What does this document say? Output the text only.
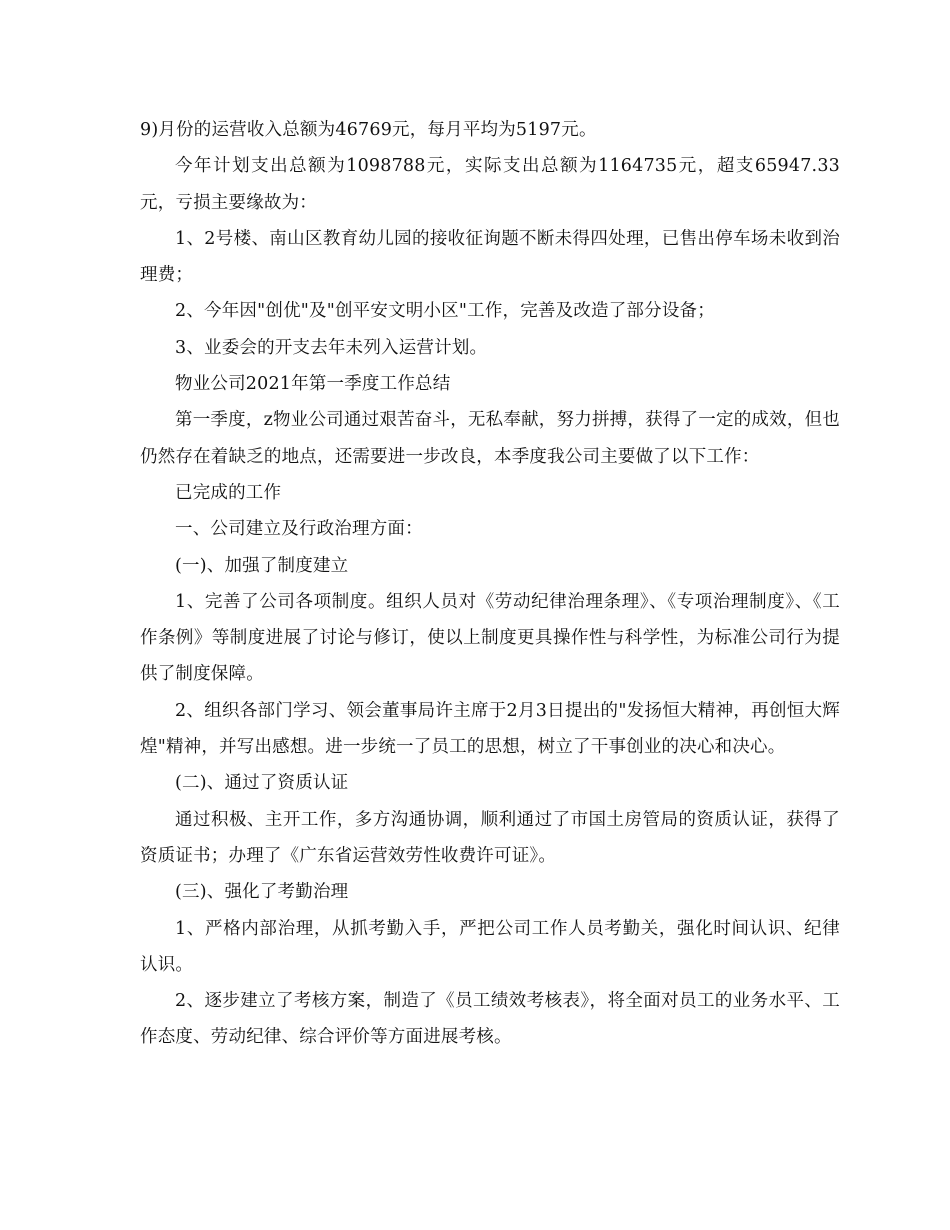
9)月份的运营收入总额为46769元，每月平均为5197元。

今年计划支出总额为1098788元，实际支出总额为1164735元，超支65947.33元，亏损主要缘故为：

1、2号楼、南山区教育幼儿园的接收征询题不断未得四处理，已售出停车场未收到治理费；

2、今年因"创优"及"创平安文明小区"工作，完善及改造了部分设备；

3、业委会的开支去年未列入运营计划。

物业公司2021年第一季度工作总结

第一季度，z物业公司通过艰苦奋斗，无私奉献，努力拼搏，获得了一定的成效，但也仍然存在着缺乏的地点，还需要进一步改良，本季度我公司主要做了以下工作：

已完成的工作

一、公司建立及行政治理方面：

(一)、加强了制度建立

1、完善了公司各项制度。组织人员对《劳动纪律治理条理》、《专项治理制度》、《工作条例》等制度进展了讨论与修订，使以上制度更具操作性与科学性，为标准公司行为提供了制度保障。

2、组织各部门学习、领会董事局许主席于2月3日提出的"发扬恒大精神，再创恒大辉煌"精神，并写出感想。进一步统一了员工的思想，树立了干事创业的决心和决心。

(二)、通过了资质认证

通过积极、主开工作，多方沟通协调，顺利通过了市国土房管局的资质认证，获得了资质证书；办理了《广东省运营效劳性收费许可证》。

(三)、强化了考勤治理

1、严格内部治理，从抓考勤入手，严把公司工作人员考勤关，强化时间认识、纪律认识。

2、逐步建立了考核方案，制造了《员工绩效考核表》，将全面对员工的业务水平、工作态度、劳动纪律、综合评价等方面进展考核。
